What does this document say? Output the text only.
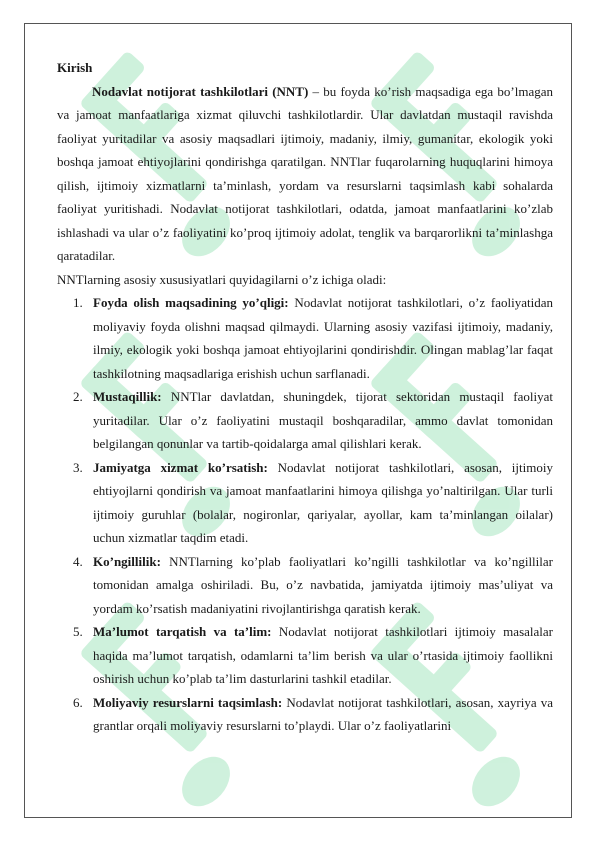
Kirish

Nodavlat notijorat tashkilotlari (NNT) – bu foyda ko’rish maqsadiga ega bo’lmagan va jamoat manfaatlariga xizmat qiluvchi tashkilotlardir. Ular davlatdan mustaqil ravishda faoliyat yuritadilar va asosiy maqsadlari ijtimoiy, madaniy, ilmiy, gumanitar, ekologik yoki boshqa jamoat ehtiyojlarini qondirishga qaratilgan. NNTlar fuqarolarning huquqlarini himoya qilish, ijtimoiy xizmatlarni ta’minlash, yordam va resurslarni taqsimlash kabi sohalarda faoliyat yuritishadi. Nodavlat notijorat tashkilotlari, odatda, jamoat manfaatlarini ko’zlab ishlashadi va ular o’z faoliyatini ko’proq ijtimoiy adolat, tenglik va barqarorlikni ta’minlashga qaratadilar.

NNTlarning asosiy xususiyatlari quyidagilarni o’z ichiga oladi:

1. Foyda olish maqsadining yo’qligi: Nodavlat notijorat tashkilotlari, o’z faoliyatidan moliyaviy foyda olishni maqsad qilmaydi. Ularning asosiy vazifasi ijtimoiy, madaniy, ilmiy, ekologik yoki boshqa jamoat ehtiyojlarini qondirishdir. Olingan mablag’lar faqat tashkilotning maqsadlariga erishish uchun sarflanadi.
2. Mustaqillik: NNTlar davlatdan, shuningdek, tijorat sektoridan mustaqil faoliyat yuritadilar. Ular o’z faoliyatini mustaqil boshqaradilar, ammo davlat tomonidan belgilangan qonunlar va tartib-qoidalarga amal qilishlari kerak.
3. Jamiyatga xizmat ko’rsatish: Nodavlat notijorat tashkilotlari, asosan, ijtimoiy ehtiyojlarni qondirish va jamoat manfaatlarini himoya qilishga yo’naltirilgan. Ular turli ijtimoiy guruhlar (bolalar, nogironlar, qariyalar, ayollar, kam ta’minlangan oilalar) uchun xizmatlar taqdim etadi.
4. Ko’ngillilik: NNTlarning ko’plab faoliyatlari ko’ngilli tashkilotlar va ko’ngillilar tomonidan amalga oshiriladi. Bu, o’z navbatida, jamiyatda ijtimoiy mas’uliyat va yordam ko’rsatish madaniyatini rivojlantirishga qaratish kerak.
5. Ma’lumot tarqatish va ta’lim: Nodavlat notijorat tashkilotlari ijtimoiy masalalar haqida ma’lumot tarqatish, odamlarni ta’lim berish va ular o’rtasida ijtimoiy faollikni oshirish uchun ko’plab ta’lim dasturlarini tashkil etadilar.
6. Moliyaviy resurslarni taqsimlash: Nodavlat notijorat tashkilotlari, asosan, xayriya va grantlar orqali moliyaviy resurslarni to’playdi. Ular o’z faoliyatlarini
